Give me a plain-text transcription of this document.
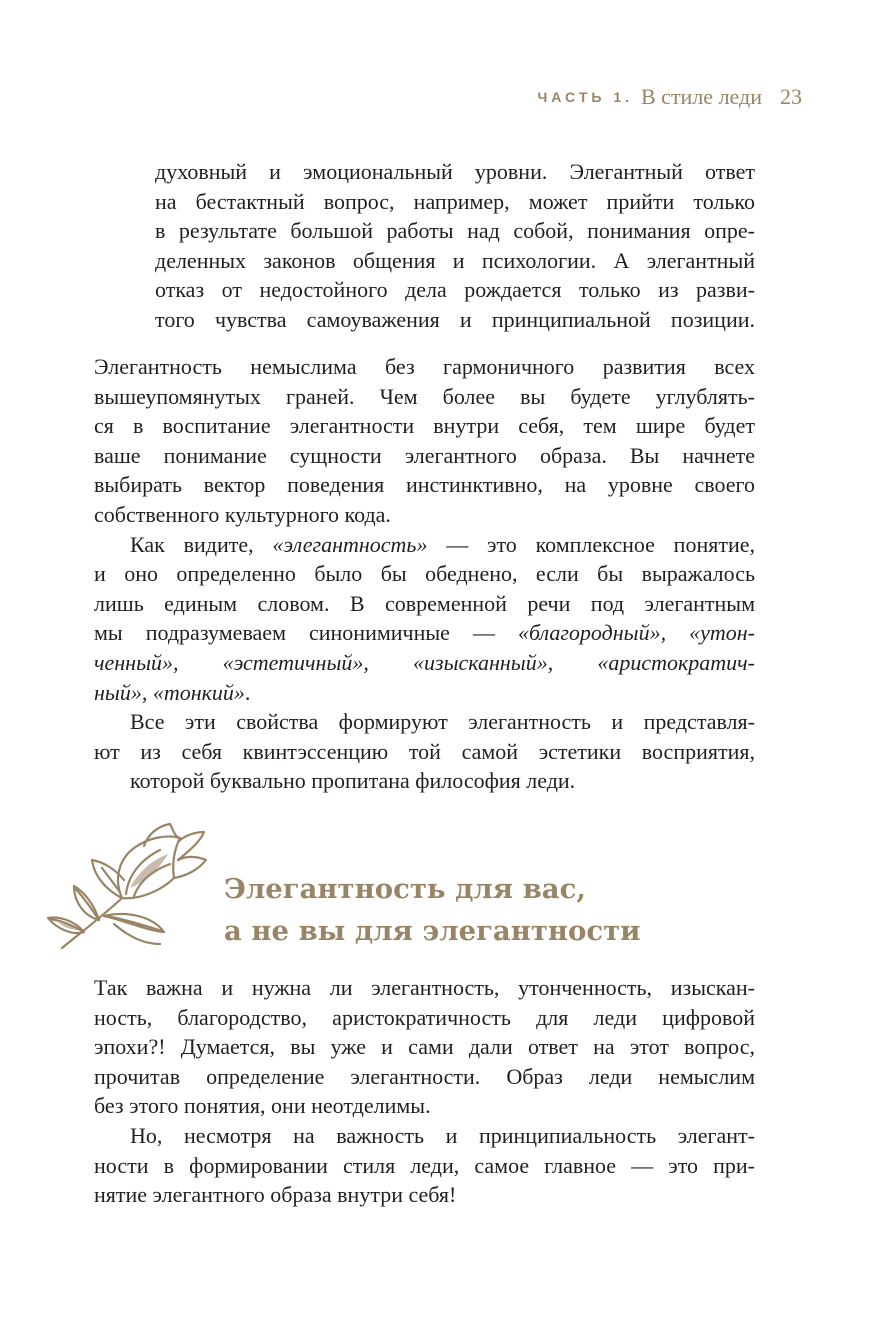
ЧАСТЬ 1. В стиле леди 23

духовный и эмоциональный уровни. Элегантный ответ
на бестактный вопрос, например, может прийти только
в результате большой работы над собой, понимания опре-
деленных законов общения и психологии. А элегантный
отказ от недостойного дела рождается только из разви-
того чувства самоуважения и принципиальной позиции.

Элегантность немыслима без гармоничного развития всех
вышеупомянутых граней. Чем более вы будете углублять-
ся в воспитание элегантности внутри себя, тем шире будет
ваше понимание сущности элегантного образа. Вы начнете
выбирать вектор поведения инстинктивно, на уровне своего
собственного культурного кода.

Как видите, «элегантность» — это комплексное понятие,
и оно определенно было бы обеднено, если бы выражалось
лишь единым словом. В современной речи под элегантным
мы подразумеваем синонимичные — «благородный», «утон-
ченный», «эстетичный», «изысканный», «аристократич-
ный», «тонкий».

Все эти свойства формируют элегантность и представля-
ют из себя квинтэссенцию той самой эстетики восприятия,
которой буквально пропитана философия леди.

Элегантность для вас,
а не вы для элегантности

Так важна и нужна ли элегантность, утонченность, изыскан-
ность, благородство, аристократичность для леди цифровой
эпохи?! Думается, вы уже и сами дали ответ на этот вопрос,
прочитав определение элегантности. Образ леди немыслим
без этого понятия, они неотделимы.

Но, несмотря на важность и принципиальность элегант-
ности в формировании стиля леди, самое главное — это при-
нятие элегантного образа внутри себя!
